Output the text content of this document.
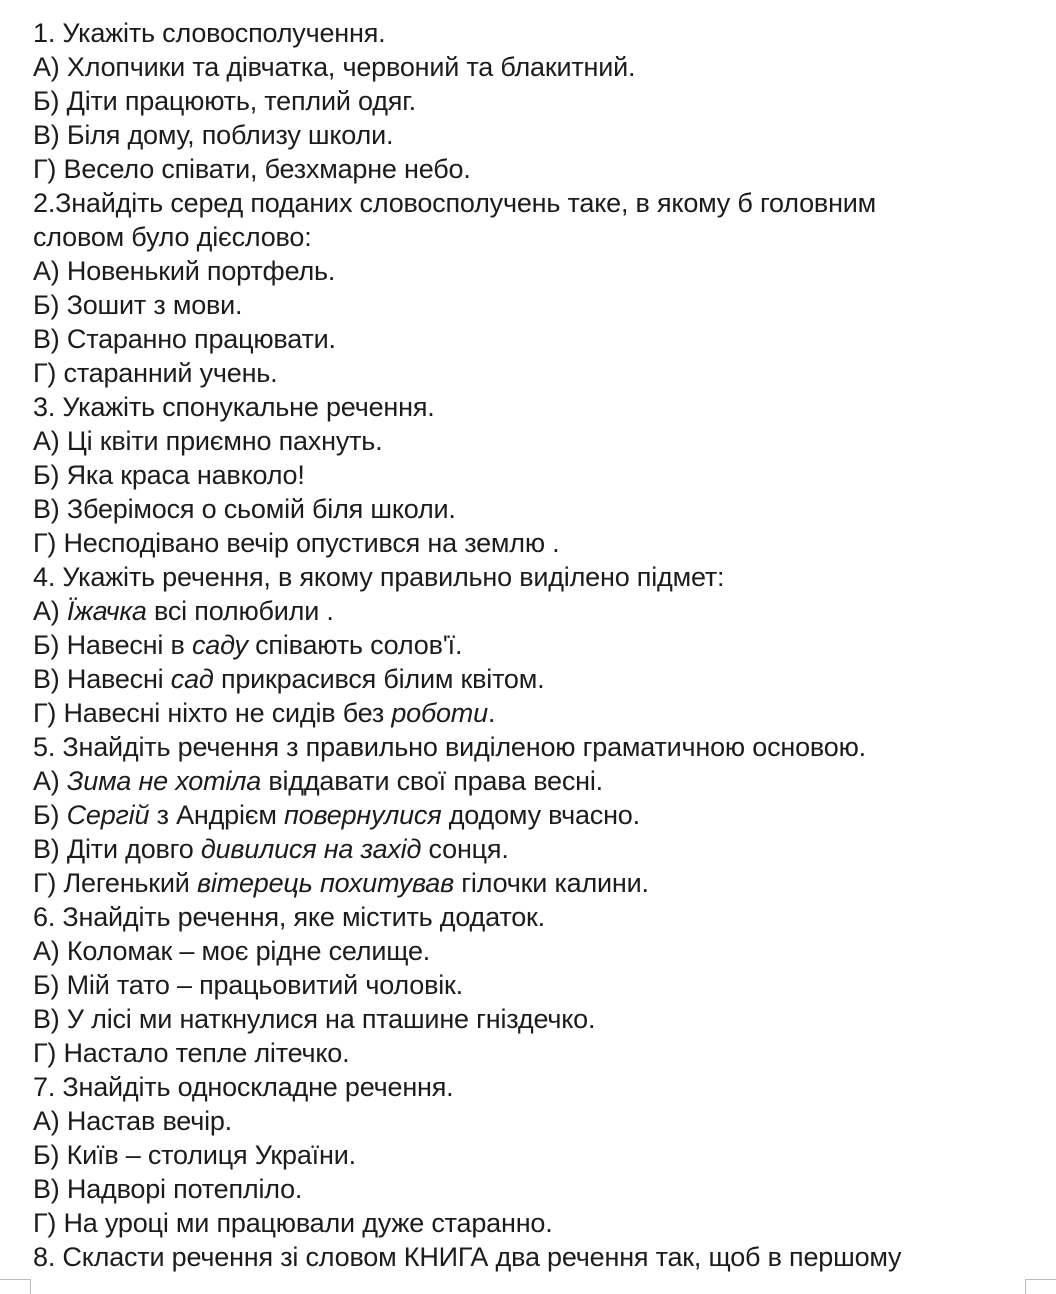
1. Укажіть словосполучення.
А) Хлопчики та дівчатка, червоний та блакитний.
Б) Діти працюють, теплий одяг.
В) Біля дому, поблизу школи.
Г) Весело співати, безхмарне небо.
2.Знайдіть серед поданих словосполучень таке, в якому б головним
словом було дієслово:
А) Новенький портфель.
Б) Зошит з мови.
В) Старанно працювати.
Г) старанний учень.
3. Укажіть спонукальне речення.
А) Ці квіти приємно пахнуть.
Б) Яка краса навколо!
В) Зберімося о сьомій біля школи.
Г) Несподівано вечір опустився на землю .
4. Укажіть речення, в якому правильно виділено підмет:
А) Їжачка всі полюбили .
Б) Навесні в саду співають солов'ї.
В) Навесні сад прикрасився білим квітом.
Г) Навесні ніхто не сидів без роботи.
5. Знайдіть речення з правильно виділеною граматичною основою.
А) Зима не хотіла віддавати свої права весні.
Б) Сергій з Андрієм повернулися додому вчасно.
В) Діти довго дивилися на захід сонця.
Г) Легенький вітерець похитував гілочки калини.
6. Знайдіть речення, яке містить додаток.
А) Коломак – моє рідне селище.
Б) Мій тато – працьовитий чоловік.
В) У лісі ми наткнулися на пташине гніздечко.
Г) Настало тепле літечко.
7. Знайдіть односкладне речення.
А) Настав вечір.
Б) Київ – столиця України.
В) Надворі потепліло.
Г) На уроці ми працювали дуже старанно.
8. Скласти речення зі словом КНИГА два речення так, щоб в першому
